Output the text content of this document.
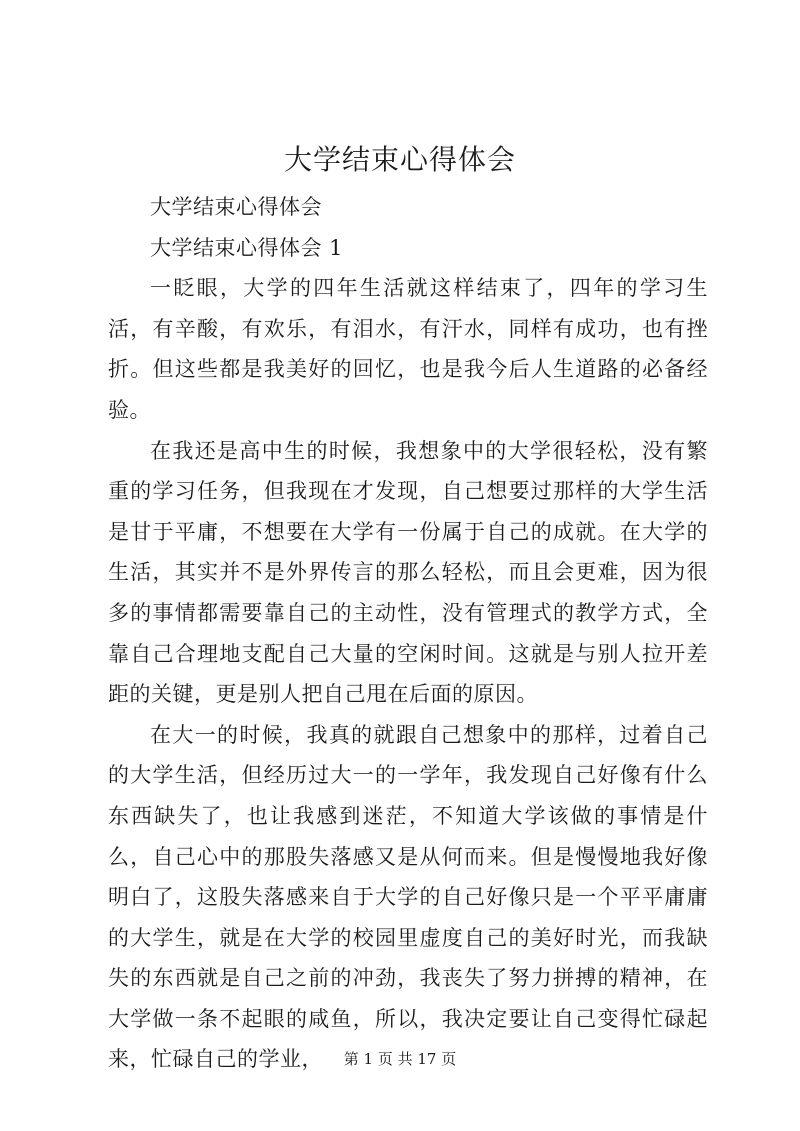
大学结束心得体会

大学结束心得体会

大学结束心得体会 1

一眨眼，大学的四年生活就这样结束了，四年的学习生活，有辛酸，有欢乐，有泪水，有汗水，同样有成功，也有挫折。但这些都是我美好的回忆，也是我今后人生道路的必备经验。

在我还是高中生的时候，我想象中的大学很轻松，没有繁重的学习任务，但我现在才发现，自己想要过那样的大学生活是甘于平庸，不想要在大学有一份属于自己的成就。在大学的生活，其实并不是外界传言的那么轻松，而且会更难，因为很多的事情都需要靠自己的主动性，没有管理式的教学方式，全靠自己合理地支配自己大量的空闲时间。这就是与别人拉开差距的关键，更是别人把自己甩在后面的原因。

在大一的时候，我真的就跟自己想象中的那样，过着自己的大学生活，但经历过大一的一学年，我发现自己好像有什么东西缺失了，也让我感到迷茫，不知道大学该做的事情是什么，自己心中的那股失落感又是从何而来。但是慢慢地我好像明白了，这股失落感来自于大学的自己好像只是一个平平庸庸的大学生，就是在大学的校园里虚度自己的美好时光，而我缺失的东西就是自己之前的冲劲，我丧失了努力拼搏的精神，在大学做一条不起眼的咸鱼，所以，我决定要让自己变得忙碌起来，忙碌自己的学业，	第 1 页 共 17 页
